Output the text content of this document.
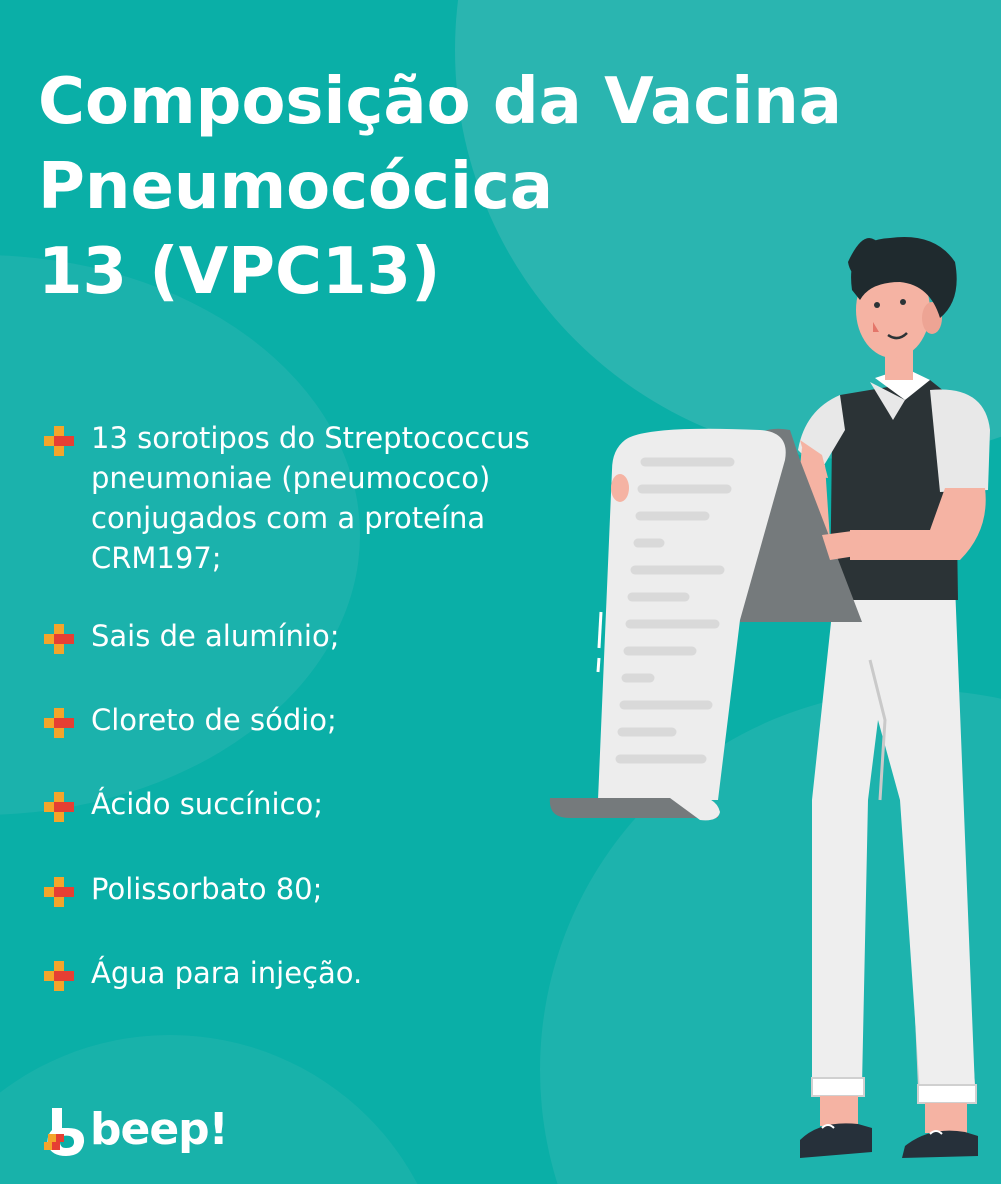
Composição da Vacina
Pneumocócica
13 (VPC13)
13 sorotipos do Streptococcus pneumoniae (pneumococo) conjugados com a proteína CRM197;
Sais de alumínio;
Cloreto de sódio;
Ácido succínico;
Polissorbato 80;
Água para injeção.
beep!
